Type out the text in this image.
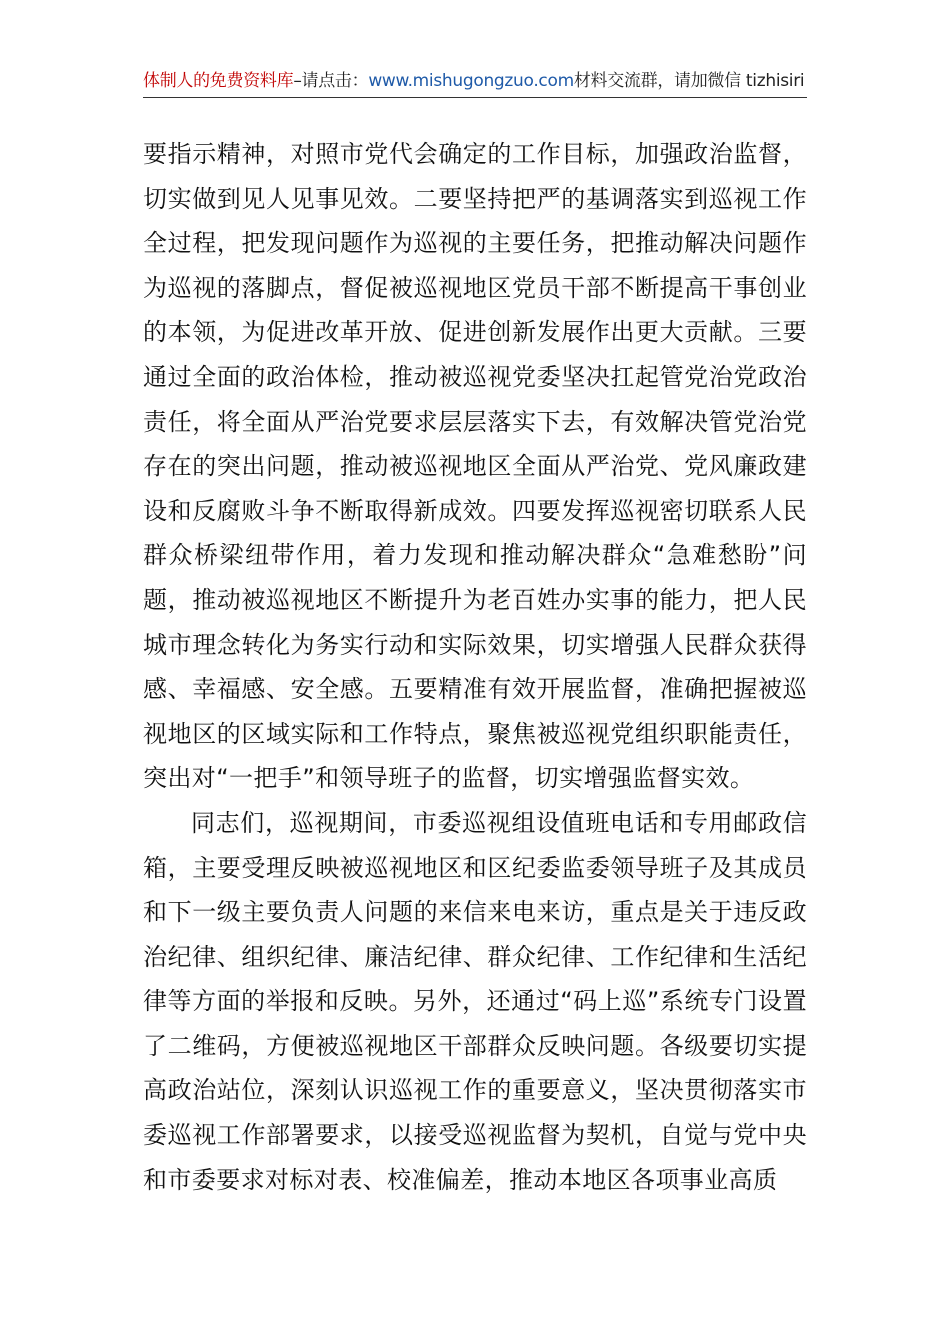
体制人的免费资料库–请点击：www.mishugongzuo.com材料交流群，请加微信 tizhisiri

要指示精神，对照市党代会确定的工作目标，加强政治监督，切实做到见人见事见效。二要坚持把严的基调落实到巡视工作全过程，把发现问题作为巡视的主要任务，把推动解决问题作为巡视的落脚点，督促被巡视地区党员干部不断提高干事创业的本领，为促进改革开放、促进创新发展作出更大贡献。三要通过全面的政治体检，推动被巡视党委坚决扛起管党治党政治责任，将全面从严治党要求层层落实下去，有效解决管党治党存在的突出问题，推动被巡视地区全面从严治党、党风廉政建设和反腐败斗争不断取得新成效。四要发挥巡视密切联系人民群众桥梁纽带作用，着力发现和推动解决群众“急难愁盼”问题，推动被巡视地区不断提升为老百姓办实事的能力，把人民城市理念转化为务实行动和实际效果，切实增强人民群众获得感、幸福感、安全感。五要精准有效开展监督，准确把握被巡视地区的区域实际和工作特点，聚焦被巡视党组织职能责任，突出对“一把手”和领导班子的监督，切实增强监督实效。

同志们，巡视期间，市委巡视组设值班电话和专用邮政信箱，主要受理反映被巡视地区和区纪委监委领导班子及其成员和下一级主要负责人问题的来信来电来访，重点是关于违反政治纪律、组织纪律、廉洁纪律、群众纪律、工作纪律和生活纪律等方面的举报和反映。另外，还通过“码上巡”系统专门设置了二维码，方便被巡视地区干部群众反映问题。各级要切实提高政治站位，深刻认识巡视工作的重要意义，坚决贯彻落实市委巡视工作部署要求，以接受巡视监督为契机，自觉与党中央和市委要求对标对表、校准偏差，推动本地区各项事业高质
